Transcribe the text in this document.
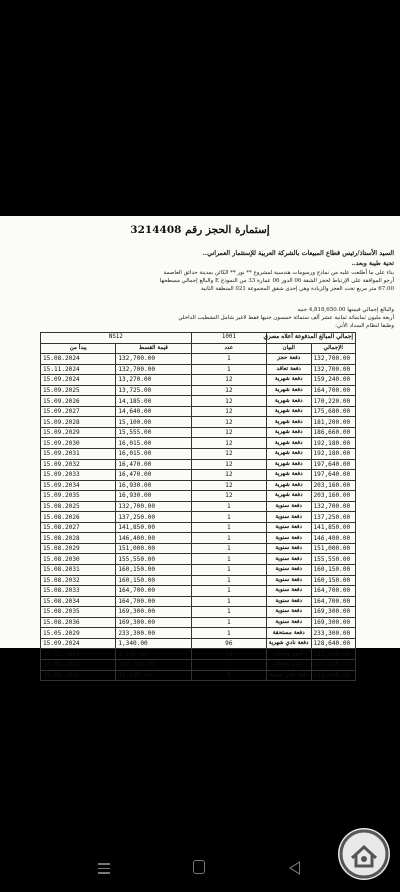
إستمارة الحجز رقم 3214408
السيد الأستاذ/رئيس قطاع المبيعات بالشركة العربية للإستثمار العمراني..
تحية طيبة وبعد..
بناء على ما أطلعت عليه من نماذج ورسومات هندسية لمشروع ** نور ** الكائن بمدينة حدائق العاصمة
أرجو الموافقة على الإرتباط لحجز الشقة 06 الدور 06 عمارة 33 من النموذج E والبالغ إجمالي مسطحها
67.00 متر مربع تحت العجز والزيادة وهي إحدى شقق المجموعة 021 المنطقة الثانية
والبالغ إجمالي قيمتها 4,818,650.00 جنيه
أربعة مليون ثمانمائة ثمانية عشر ألف ستمائة خمسون جنيها فقط لاغير شامل التشطيب الداخلي
وطبقا لنظام السداد الأتي:
NS12		1001	إجمالي المبالغ المدفوعة أعلاه مصري	
يبدأ من	قيمة القسط	عدد	البيان	الإجمالي
15.08.2024	132,700.00	1	دفعة حجز	132,700.00
15.11.2024	132,700.00	1	دفعة تعاقد	132,700.00
15.09.2024	13,270.00	12	دفعة شهرية	159,240.00
15.09.2025	13,725.00	12	دفعة شهرية	164,700.00
15.09.2026	14,185.00	12	دفعة شهرية	170,220.00
15.09.2027	14,640.00	12	دفعة شهرية	175,680.00
15.09.2028	15,100.00	12	دفعة شهرية	181,200.00
15.09.2029	15,555.00	12	دفعة شهرية	186,660.00
15.09.2030	16,015.00	12	دفعة شهرية	192,180.00
15.09.2031	16,015.00	12	دفعة شهرية	192,180.00
15.09.2032	16,470.00	12	دفعة شهرية	197,640.00
15.09.2033	16,470.00	12	دفعة شهرية	197,640.00
15.09.2034	16,930.00	12	دفعة شهرية	203,160.00
15.09.2035	16,930.00	12	دفعة شهرية	203,160.00
15.08.2025	132,700.00	1	دفعة سنوية	132,700.00
15.08.2026	137,250.00	1	دفعة سنوية	137,250.00
15.08.2027	141,850.00	1	دفعة سنوية	141,850.00
15.08.2028	146,400.00	1	دفعة سنوية	146,400.00
15.08.2029	151,000.00	1	دفعة سنوية	151,000.00
15.08.2030	155,550.00	1	دفعة سنوية	155,550.00
15.08.2031	160,150.00	1	دفعة سنوية	160,150.00
15.08.2032	160,150.00	1	دفعة سنوية	160,150.00
15.08.2033	164,700.00	1	دفعة سنوية	164,700.00
15.08.2034	164,700.00	1	دفعة سنوية	164,700.00
15.08.2035	169,300.00	1	دفعة سنوية	169,300.00
15.08.2036	169,300.00	1	دفعة سنوية	169,300.00
15.05.2029	233,300.00	1	دفعة مستحقة	233,300.00
15.09.2024	1,340.00	96	دفعة نادي شهرية	128,640.00
15.12.2024	2,180.00	56	تأمين وحدات	122,080.00
14.08.2029	126,390.00	1	تأمين وحدات	126,390.00
15.08.2025	14,325.00	8	دفعة نادي سنوية	114,600.00
